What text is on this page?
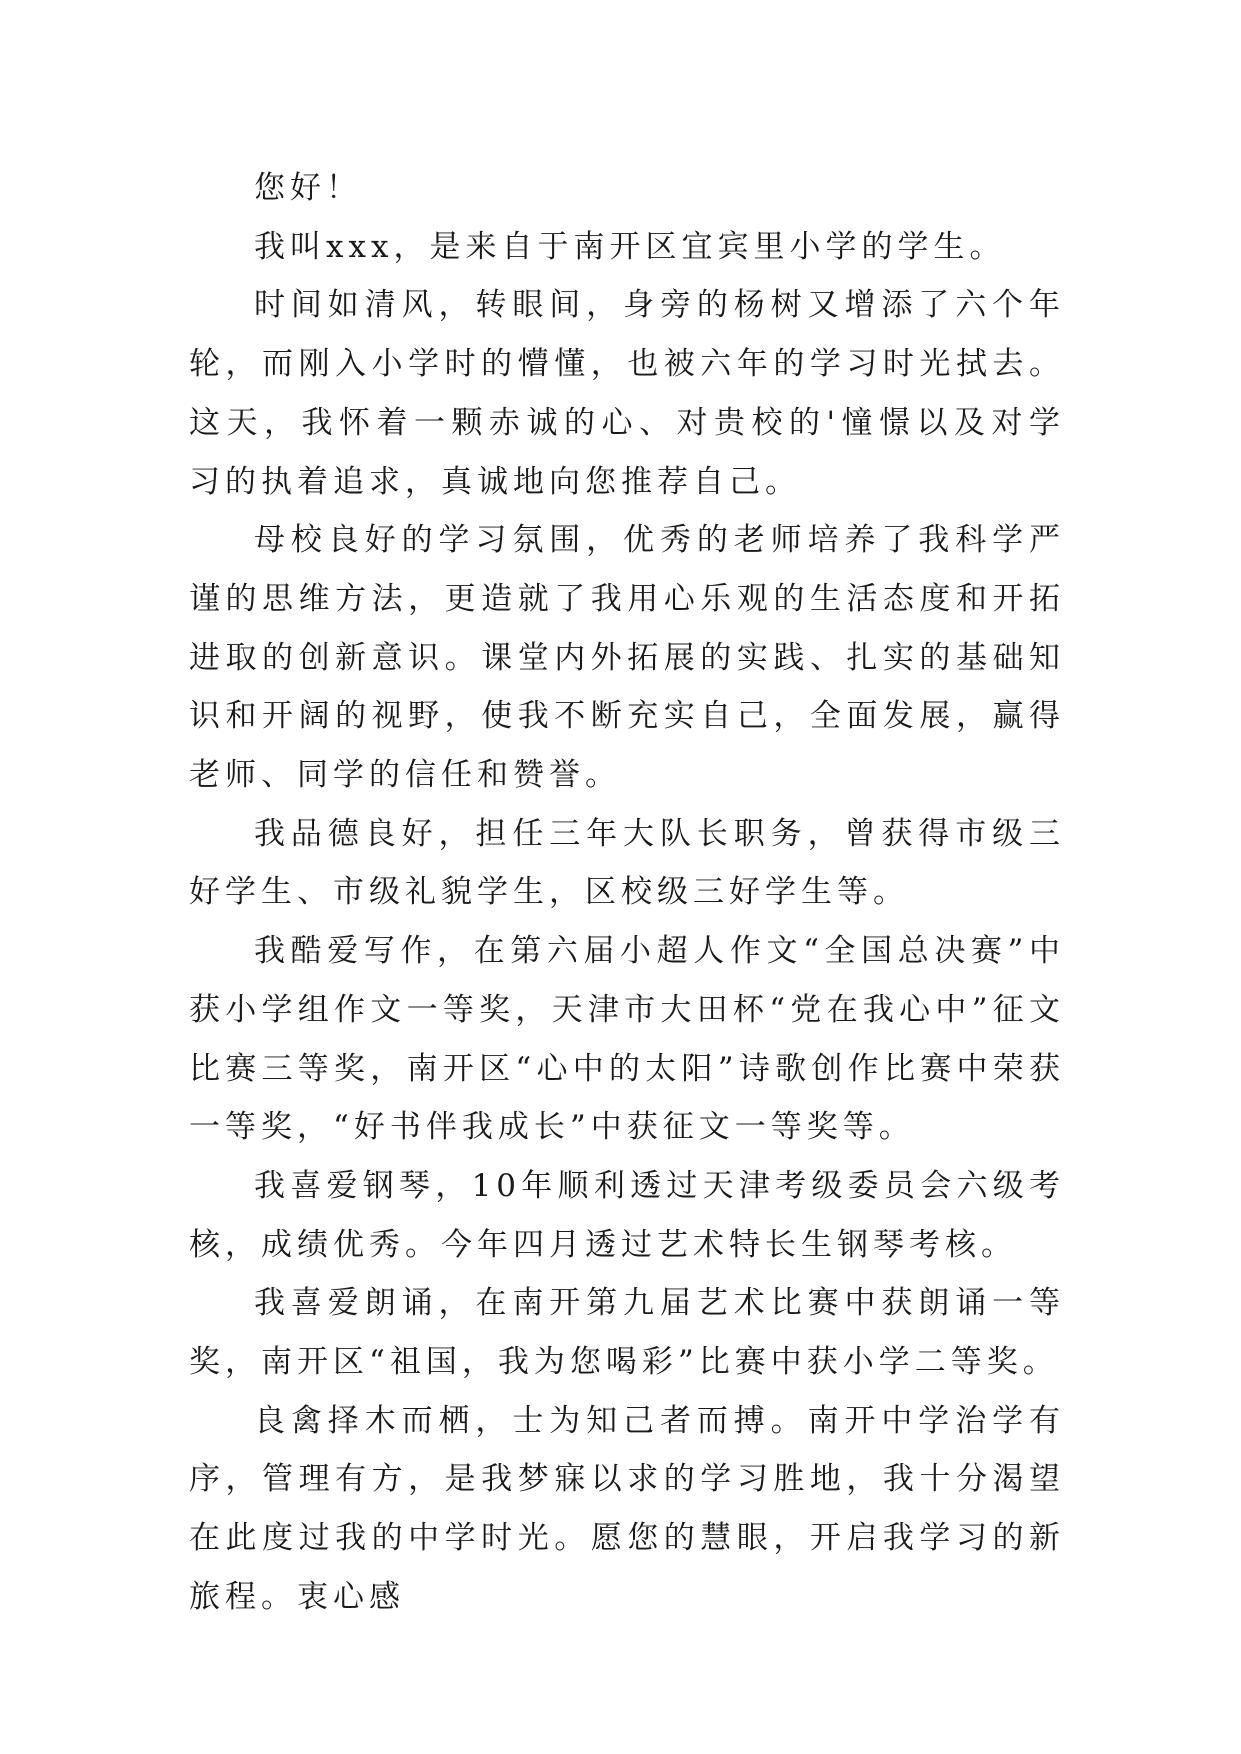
您好！

我叫xxx，是来自于南开区宜宾里小学的学生。

时间如清风，转眼间，身旁的杨树又增添了六个年轮，而刚入小学时的懵懂，也被六年的学习时光拭去。这天，我怀着一颗赤诚的心、对贵校的'憧憬以及对学习的执着追求，真诚地向您推荐自己。

母校良好的学习氛围，优秀的老师培养了我科学严谨的思维方法，更造就了我用心乐观的生活态度和开拓进取的创新意识。课堂内外拓展的实践、扎实的基础知识和开阔的视野，使我不断充实自己，全面发展，赢得老师、同学的信任和赞誉。

我品德良好，担任三年大队长职务，曾获得市级三好学生、市级礼貌学生，区校级三好学生等。

我酷爱写作，在第六届小超人作文“全国总决赛”中获小学组作文一等奖，天津市大田杯“党在我心中”征文比赛三等奖，南开区“心中的太阳”诗歌创作比赛中荣获一等奖，“好书伴我成长”中获征文一等奖等。

我喜爱钢琴，10年顺利透过天津考级委员会六级考核，成绩优秀。今年四月透过艺术特长生钢琴考核。

我喜爱朗诵，在南开第九届艺术比赛中获朗诵一等奖，南开区“祖国，我为您喝彩”比赛中获小学二等奖。

良禽择木而栖，士为知己者而搏。南开中学治学有序，管理有方，是我梦寐以求的学习胜地，我十分渴望在此度过我的中学时光。愿您的慧眼，开启我学习的新旅程。衷心感
